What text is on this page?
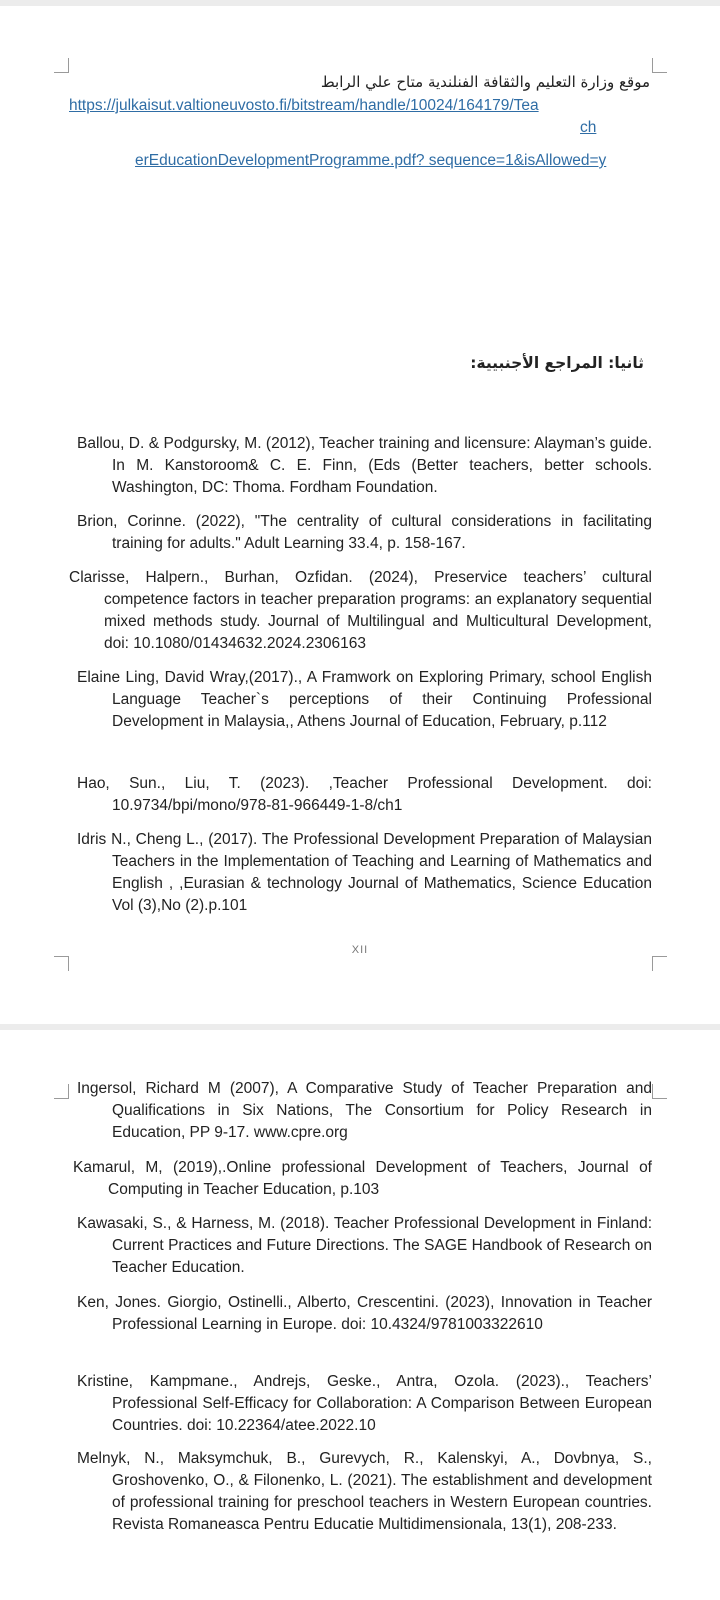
موقع وزارة التعليم والثقافة الفنلندية متاح علي الرابط
https://julkaisut.valtioneuvosto.fi/bitstream/handle/10024/164179/Tea
ch
erEducationDevelopmentProgramme.pdf? sequence=1&isAllowed=y
ثانيا: المراجع الأجنبيية:
Ballou, D. & Podgursky, M. (2012), Teacher training and licensure: Alayman’s guide. In M. Kanstoroom& C. E. Finn, (Eds (Better teachers, better schools. Washington, DC: Thoma. Fordham Foundation.
Brion, Corinne. (2022), "The centrality of cultural considerations in facilitating training for adults." Adult Learning 33.4, p. 158-167.
Clarisse, Halpern., Burhan, Ozfidan. (2024), Preservice teachers’ cultural competence factors in teacher preparation programs: an explanatory sequential mixed methods study. Journal of Multilingual and Multicultural Development, doi: 10.1080/01434632.2024.2306163
Elaine Ling, David Wray,(2017)., A Framwork on Exploring Primary, school English Language Teacher`s perceptions of their Continuing Professional Development in Malaysia,, Athens Journal of Education, February, p.112
Hao, Sun., Liu, T. (2023). ,Teacher Professional Development. doi: 10.9734/bpi/mono/978-81-966449-1-8/ch1
Idris N., Cheng L., (2017). The Professional Development Preparation of Malaysian Teachers in the Implementation of Teaching and Learning of Mathematics and English , ,Eurasian & technology Journal of Mathematics, Science Education Vol (3),No (2).p.101
XII
Ingersol, Richard M (2007), A Comparative Study of Teacher Preparation and Qualifications in Six Nations, The Consortium for Policy Research in Education, PP 9-17. www.cpre.org
Kamarul, M, (2019),.Online professional Development of Teachers, Journal of Computing in Teacher Education, p.103
Kawasaki, S., & Harness, M. (2018). Teacher Professional Development in Finland: Current Practices and Future Directions. The SAGE Handbook of Research on Teacher Education.
Ken, Jones. Giorgio, Ostinelli., Alberto, Crescentini. (2023), Innovation in Teacher Professional Learning in Europe. doi: 10.4324/9781003322610
Kristine, Kampmane., Andrejs, Geske., Antra, Ozola. (2023)., Teachers’ Professional Self-Efficacy for Collaboration: A Comparison Between European Countries. doi: 10.22364/atee.2022.10
Melnyk, N., Maksymchuk, B., Gurevych, R., Kalenskyi, A., Dovbnya, S., Groshovenko, O., & Filonenko, L. (2021). The establishment and development of professional training for preschool teachers in Western European countries. Revista Romaneasca Pentru Educatie Multidimensionala, 13(1), 208-233.
